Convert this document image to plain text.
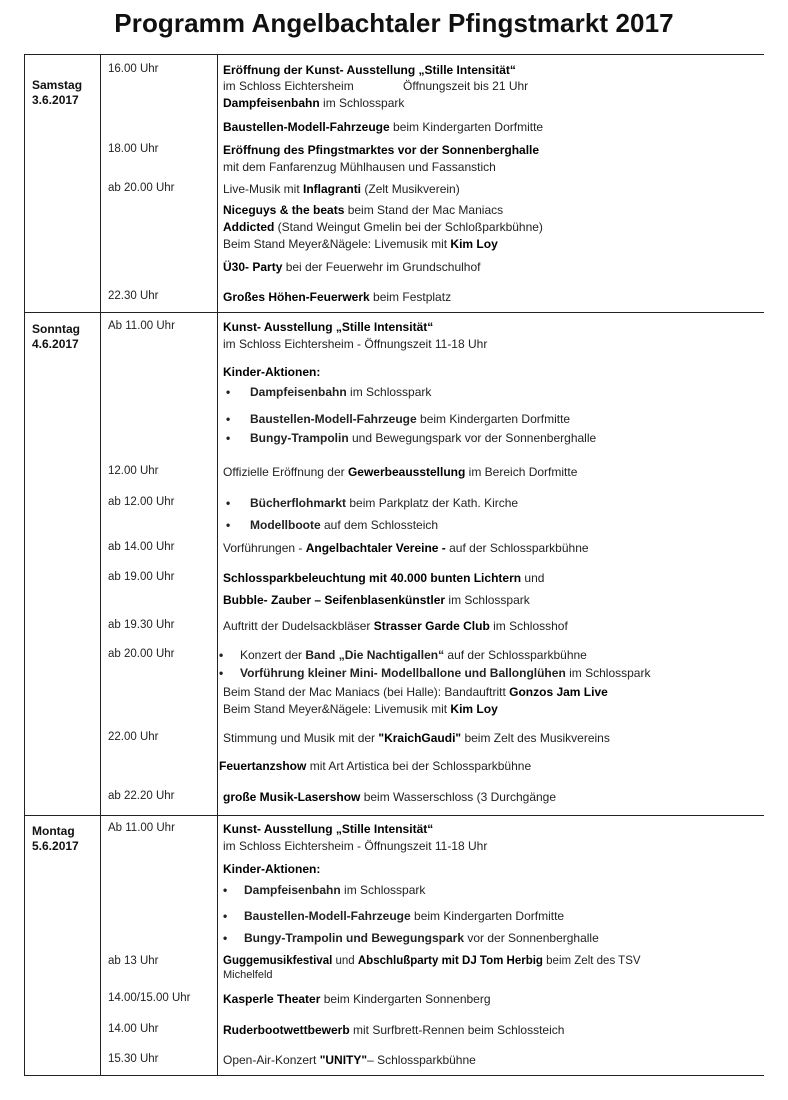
Programm Angelbachtaler Pfingstmarkt 2017
Samstag
3.6.2017
16.00 Uhr	Eröffnung der Kunst- Ausstellung „Stille Intensität“
im Schloss Eichtersheim	Öffnungszeit bis 21 Uhr
Dampfeisenbahn im Schlosspark
Baustellen-Modell-Fahrzeuge beim Kindergarten Dorfmitte
18.00 Uhr	Eröffnung des Pfingstmarktes vor der Sonnenberghalle
mit dem Fanfarenzug Mühlhausen und Fassanstich
ab 20.00 Uhr	Live-Musik mit Inflagranti (Zelt Musikverein)
Niceguys & the beats beim Stand der Mac Maniacs
Addicted (Stand Weingut Gmelin bei der Schloßparkbühne)
Beim Stand Meyer&Nägele: Livemusik mit Kim Loy
Ü30- Party bei der Feuerwehr im Grundschulhof
22.30 Uhr	Großes Höhen-Feuerwerk beim Festplatz
Sonntag
4.6.2017
Ab 11.00 Uhr	Kunst- Ausstellung „Stille Intensität“
im Schloss Eichtersheim - Öffnungszeit 11-18 Uhr
Kinder-Aktionen:
• Dampfeisenbahn im Schlosspark
• Baustellen-Modell-Fahrzeuge beim Kindergarten Dorfmitte
• Bungy-Trampolin und Bewegungspark vor der Sonnenberghalle
12.00 Uhr	Offizielle Eröffnung der Gewerbeausstellung im Bereich Dorfmitte
ab 12.00 Uhr	• Bücherflohmarkt beim Parkplatz der Kath. Kirche
• Modellboote auf dem Schlossteich
ab 14.00 Uhr	Vorführungen - Angelbachtaler Vereine - auf der Schlossparkbühne
ab 19.00 Uhr	Schlossparkbeleuchtung mit 40.000 bunten Lichtern und
Bubble- Zauber – Seifenblasenkünstler im Schlosspark
ab 19.30 Uhr	Auftritt der Dudelsackbläser Strasser Garde Club im Schlosshof
ab 20.00 Uhr	• Konzert der Band „Die Nachtigallen“ auf der Schlossparkbühne
• Vorführung kleiner Mini- Modellballone und Ballonglühen im Schlosspark
Beim Stand der Mac Maniacs (bei Halle): Bandauftritt Gonzos Jam Live
Beim Stand Meyer&Nägele: Livemusik mit Kim Loy
22.00 Uhr	Stimmung und Musik mit der "KraichGaudi" beim Zelt des Musikvereins
Feuertanzshow mit Art Artistica bei der Schlossparkbühne
ab 22.20 Uhr	große Musik-Lasershow beim Wasserschloss (3 Durchgänge
Montag
5.6.2017
Ab 11.00 Uhr	Kunst- Ausstellung „Stille Intensität“
im Schloss Eichtersheim - Öffnungszeit 11-18 Uhr
Kinder-Aktionen:
• Dampfeisenbahn im Schlosspark
• Baustellen-Modell-Fahrzeuge beim Kindergarten Dorfmitte
• Bungy-Trampolin und Bewegungspark vor der Sonnenberghalle
ab 13 Uhr	Guggemusikfestival und Abschlußparty mit DJ Tom Herbig beim Zelt des TSV
Michelfeld
14.00/15.00 Uhr	Kasperle Theater beim Kindergarten Sonnenberg
14.00 Uhr	Ruderbootwettbewerb mit Surfbrett-Rennen beim Schlossteich
15.30 Uhr	Open-Air-Konzert "UNITY"– Schlossparkbühne
